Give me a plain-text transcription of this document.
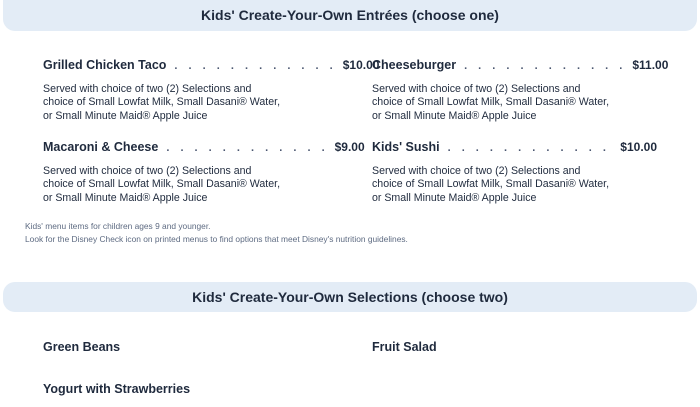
Kids' Create-Your-Own Entrées (choose one)
Grilled Chicken Taco . . . . . . . . . . . . $10.00
Served with choice of two (2) Selections and
choice of Small Lowfat Milk, Small Dasani® Water,
or Small Minute Maid® Apple Juice
Cheeseburger . . . . . . . . . . . . $11.00
Served with choice of two (2) Selections and
choice of Small Lowfat Milk, Small Dasani® Water,
or Small Minute Maid® Apple Juice
Macaroni & Cheese . . . . . . . . . . . . $9.00
Served with choice of two (2) Selections and
choice of Small Lowfat Milk, Small Dasani® Water,
or Small Minute Maid® Apple Juice
Kids' Sushi . . . . . . . . . . . . $10.00
Served with choice of two (2) Selections and
choice of Small Lowfat Milk, Small Dasani® Water,
or Small Minute Maid® Apple Juice
Kids' menu items for children ages 9 and younger.
Look for the Disney Check icon on printed menus to find options that meet Disney's nutrition guidelines.
Kids' Create-Your-Own Selections (choose two)
Green Beans	Fruit Salad
Yogurt with Strawberries
